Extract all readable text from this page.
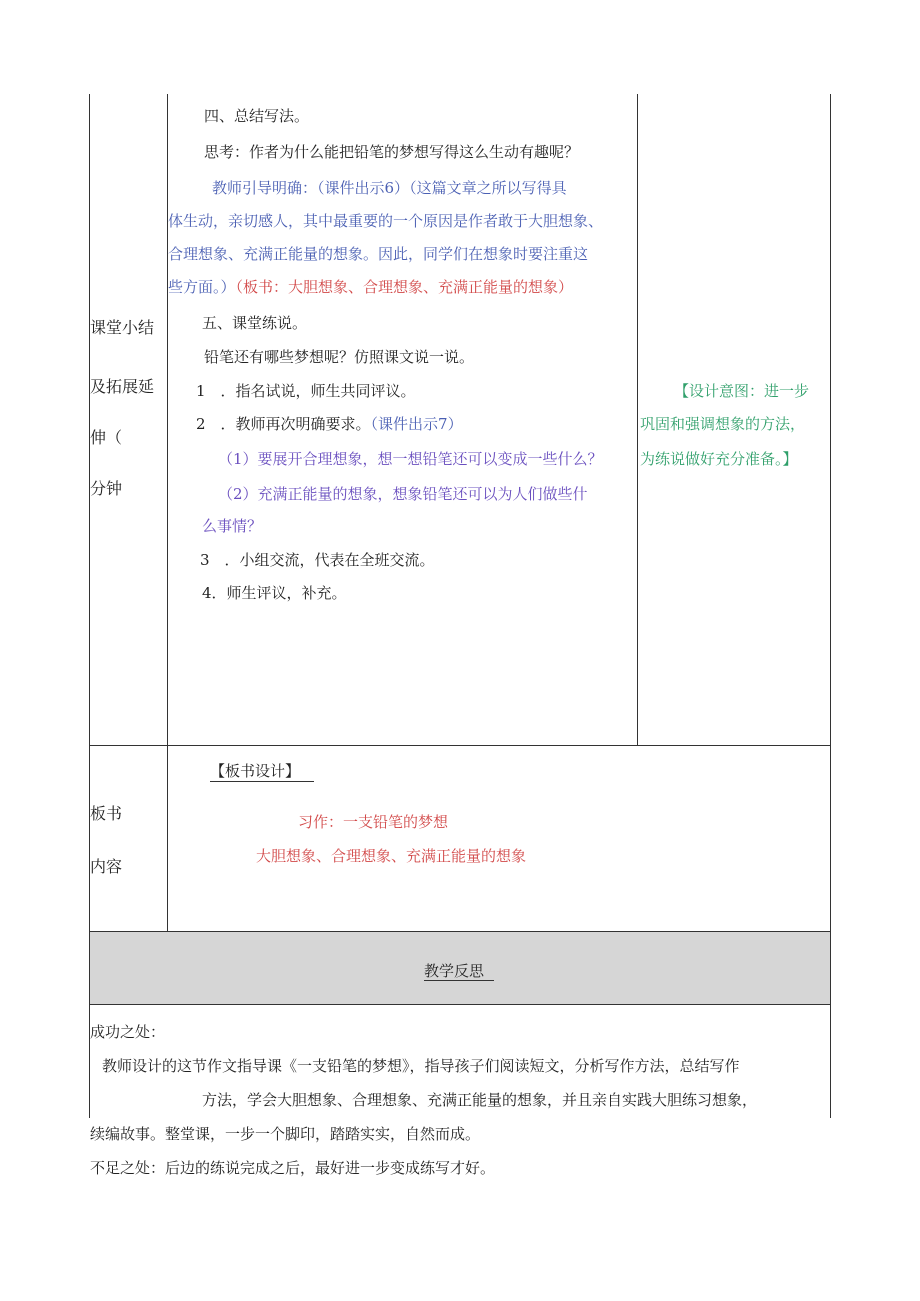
课堂小结
及拓展延
伸（
分钟
四、总结写法。
思考：作者为什么能把铅笔的梦想写得这么生动有趣呢？
教师引导明确：（课件出示6）（这篇文章之所以写得具
体生动，亲切感人，其中最重要的一个原因是作者敢于大胆想象、
合理想象、充满正能量的想象。因此，同学们在想象时要注重这
些方面。）（板书：大胆想象、合理想象、充满正能量的想象）
五、课堂练说。
铅笔还有哪些梦想呢？仿照课文说一说。
1　．指名试说，师生共同评议。
2　．教师再次明确要求。（课件出示7）
（1）要展开合理想象，想一想铅笔还可以变成一些什么？
（2）充满正能量的想象，想象铅笔还可以为人们做些什
么事情？
3　．小组交流，代表在全班交流。
4．师生评议，补充。
【设计意图：进一步
巩固和强调想象的方法，
为练说做好充分准备。】
板书
内容
【板书设计】
习作：一支铅笔的梦想
大胆想象、合理想象、充满正能量的想象
教学反思
成功之处：
教师设计的这节作文指导课《一支铅笔的梦想》，指导孩子们阅读短文，分析写作方法，总结写作
方法，学会大胆想象、合理想象、充满正能量的想象，并且亲自实践大胆练习想象，
续编故事。整堂课，一步一个脚印，踏踏实实，自然而成。
不足之处：后边的练说完成之后，最好进一步变成练写才好。
